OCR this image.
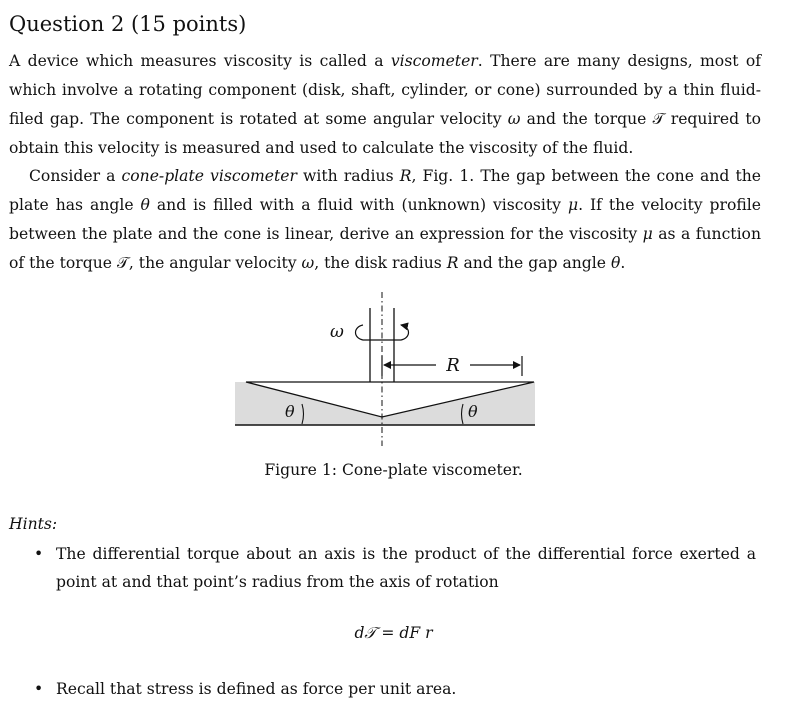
Question 2 (15 points)
A device which measures viscosity is called a viscometer. There are many designs, most of which involve a rotating component (disk, shaft, cylinder, or cone) surrounded by a thin fluid-filed gap. The component is rotated at some angular velocity ω and the torque 𝒯 required to obtain this velocity is measured and used to calculate the viscosity of the fluid.
Consider a cone-plate viscometer with radius R, Fig. 1. The gap between the cone and the plate has angle θ and is filled with a fluid with (unknown) viscosity μ. If the velocity profile between the plate and the cone is linear, derive an expression for the viscosity μ as a function of the torque 𝒯, the angular velocity ω, the disk radius R and the gap angle θ.
ω
R
θ	θ
Figure 1: Cone-plate viscometer.
Hints:
• The differential torque about an axis is the product of the differential force exerted a point at and that point’s radius from the axis of rotation
d𝒯 = dF r
• Recall that stress is defined as force per unit area.
